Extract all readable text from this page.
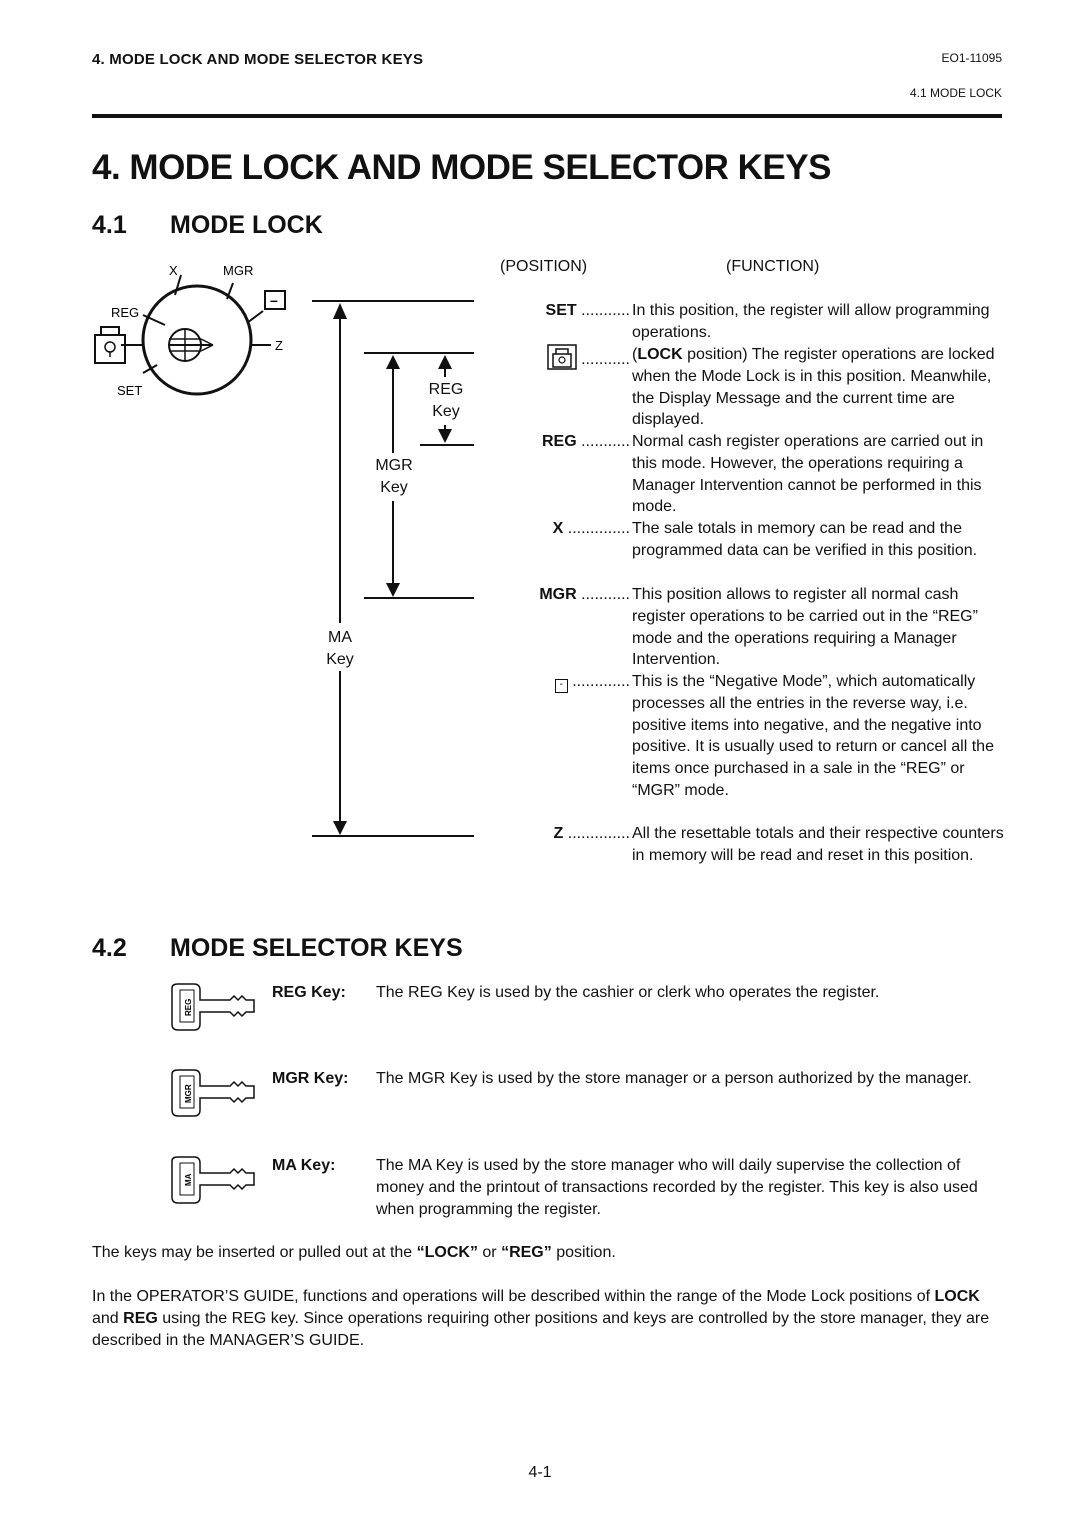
4. MODE LOCK AND MODE SELECTOR KEYS	EO1-11095
4.1 MODE LOCK
4. MODE LOCK AND MODE SELECTOR KEYS
4.1 MODE LOCK
X	MGR
REG
SET
Z
–
REG
Key
MGR
Key
MA
Key
(POSITION)	(FUNCTION)
SET ........... In this position, the register will allow programming operations.
........... (LOCK position) The register operations are locked when the Mode Lock is in this position. Meanwhile, the Display Message and the current time are displayed.
REG ........... Normal cash register operations are carried out in this mode. However, the operations requiring a Manager Intervention cannot be performed in this mode.
X .............. The sale totals in memory can be read and the programmed data can be verified in this position.
MGR ........... This position allows to register all normal cash register operations to be carried out in the “REG” mode and the operations requiring a Manager Intervention.
- ............. This is the “Negative Mode”, which automatically processes all the entries in the reverse way, i.e. positive items into negative, and the negative into positive. It is usually used to return or cancel all the items once purchased in a sale in the “REG” or “MGR” mode.
Z .............. All the resettable totals and their respective counters in memory will be read and reset in this position.
4.2 MODE SELECTOR KEYS
REG
REG Key: The REG Key is used by the cashier or clerk who operates the register.
MGR
MGR Key: The MGR Key is used by the store manager or a person authorized by the manager.
MA
MA Key:	The MA Key is used by the store manager who will daily supervise the collection of money and the printout of transactions recorded by the register. This key is also used when programming the register.
The keys may be inserted or pulled out at the “LOCK” or “REG” position.
In the OPERATOR’S GUIDE, functions and operations will be described within the range of the Mode Lock positions of LOCK and REG using the REG key. Since operations requiring other positions and keys are controlled by the store manager, they are described in the MANAGER’S GUIDE.
4-1
